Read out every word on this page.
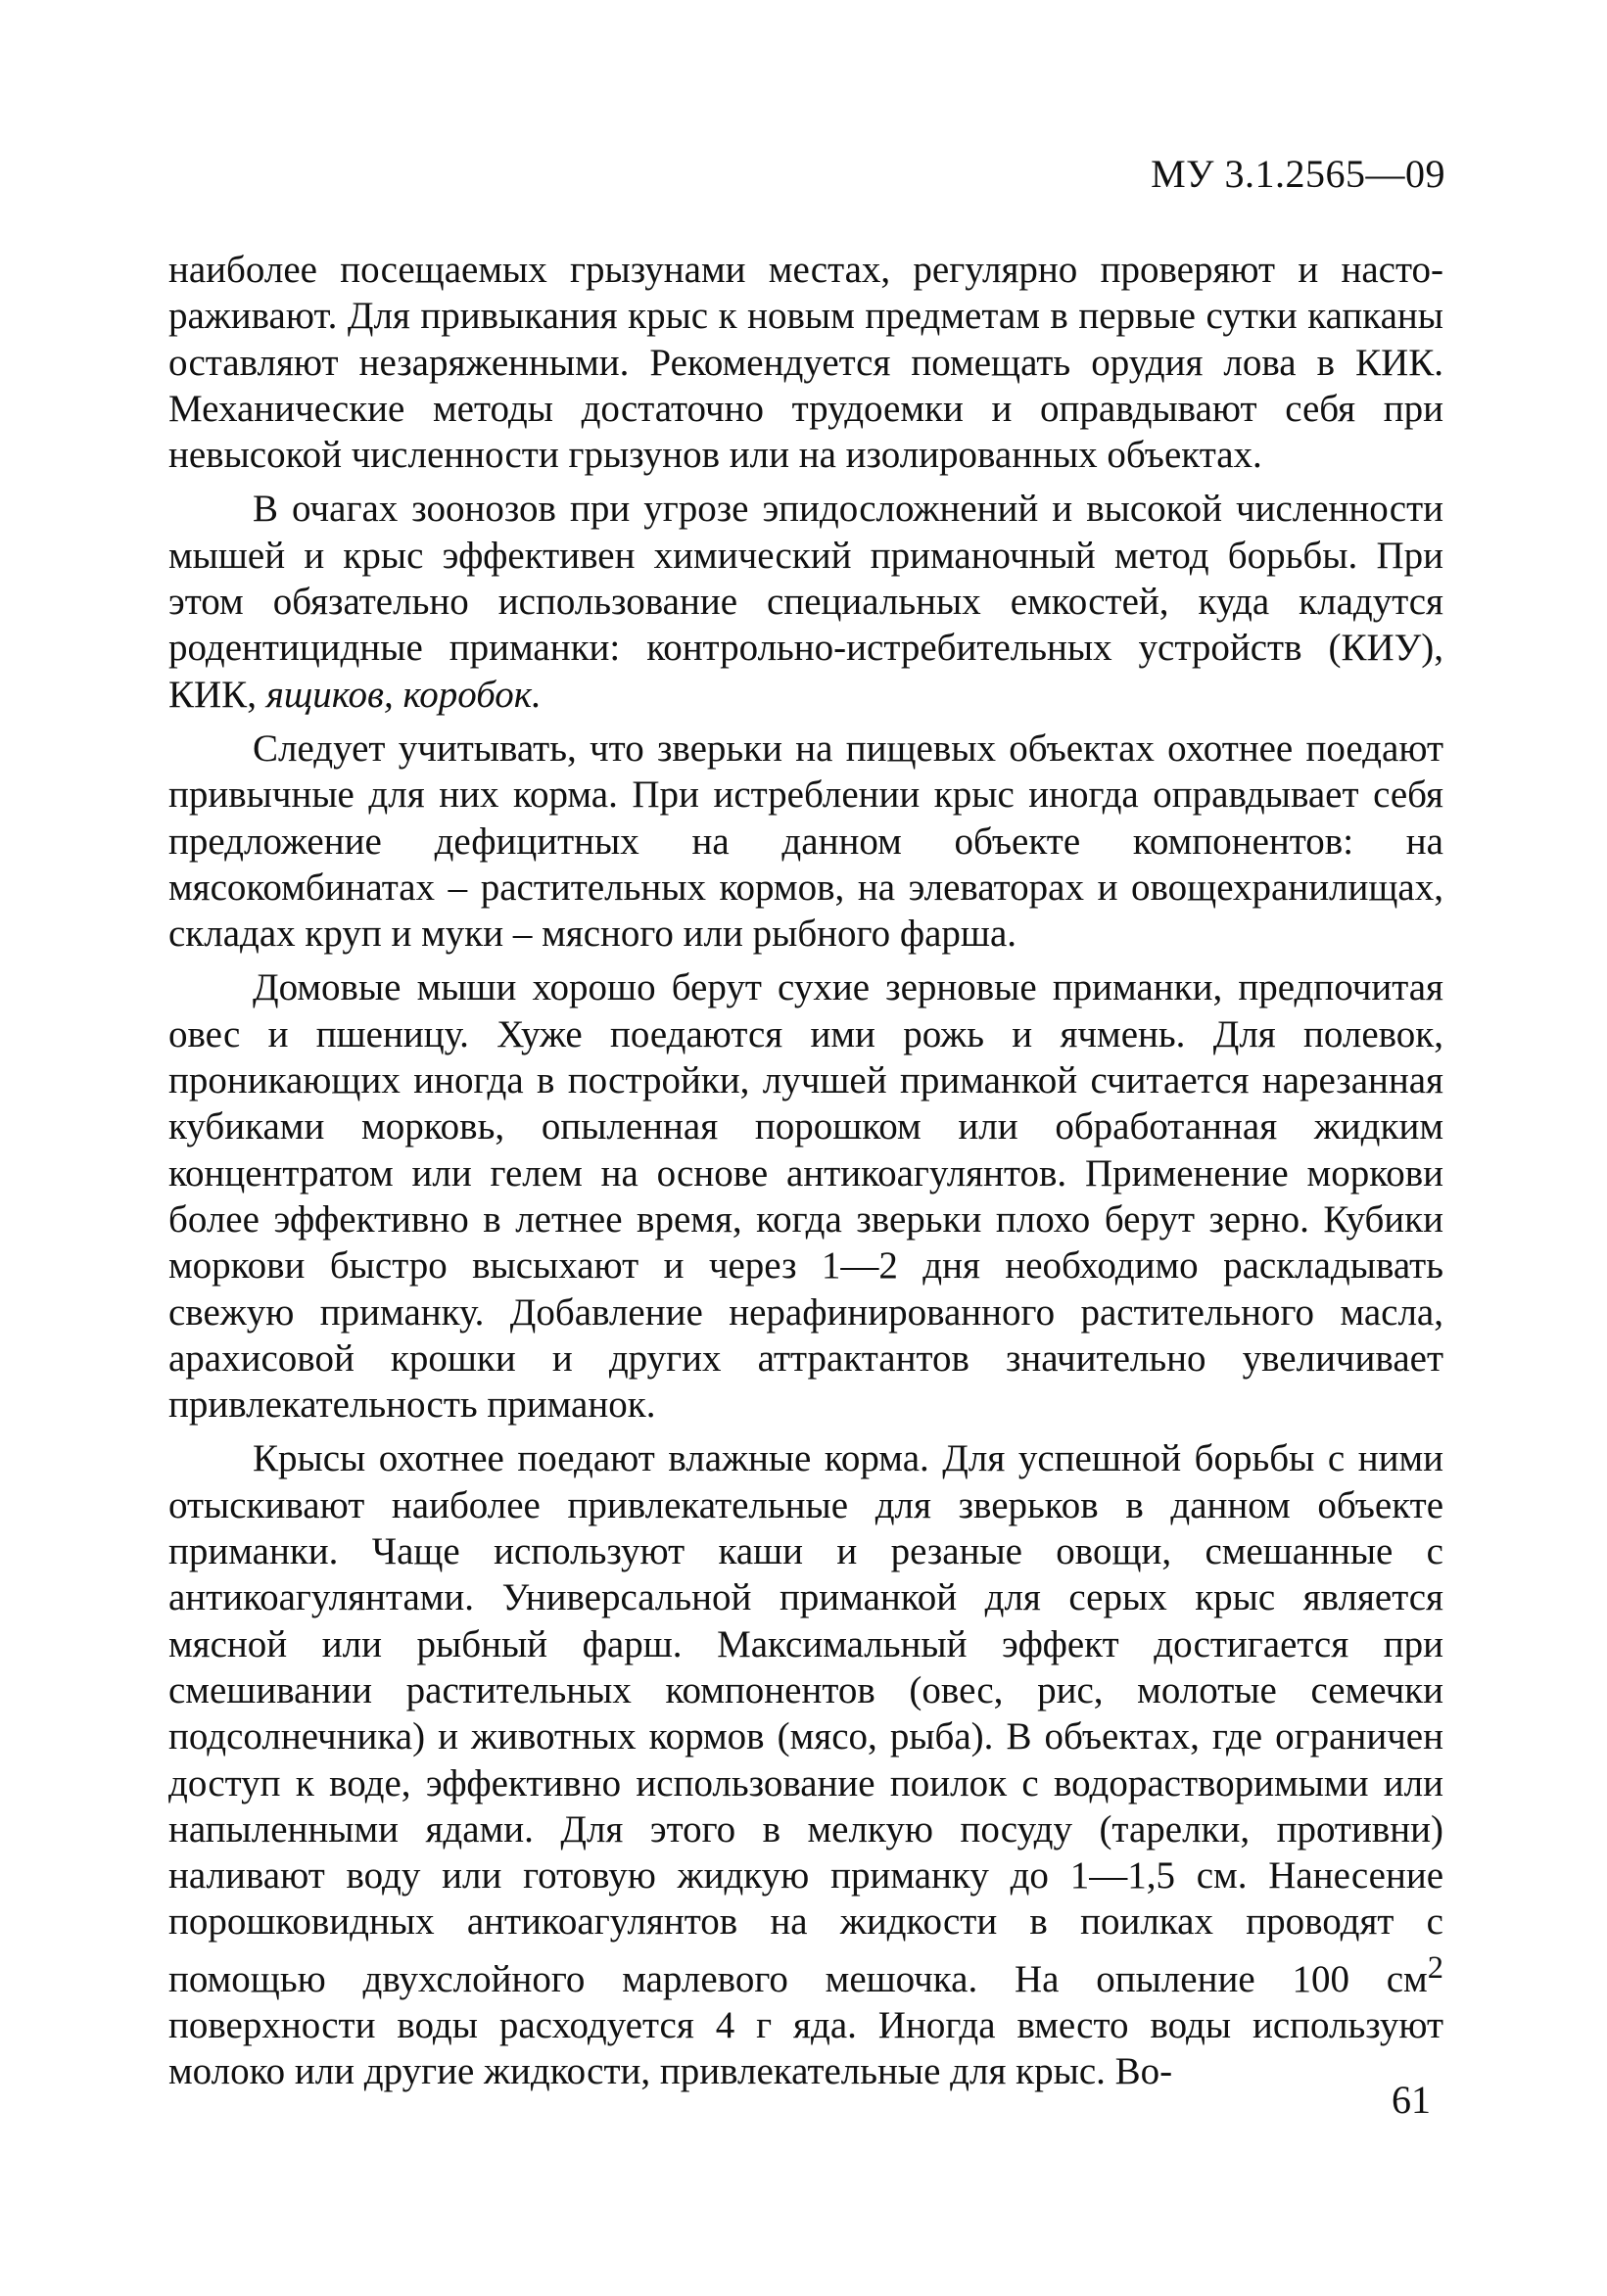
МУ 3.1.2565—09

наиболее посещаемых грызунами местах, регулярно проверяют и настораживают. Для привыкания крыс к новым предметам в первые сутки капканы оставляют незаряженными. Рекомендуется помещать орудия лова в КИК. Механические методы достаточно трудоемки и оправдывают себя при невысокой численности грызунов или на изолированных объектах.

В очагах зоонозов при угрозе эпидосложнений и высокой численности мышей и крыс эффективен химический приманочный метод борьбы. При этом обязательно использование специальных емкостей, куда кладутся родентицидные приманки: контрольно-истребительных устройств (КИУ), КИК, ящиков, коробок.

Следует учитывать, что зверьки на пищевых объектах охотнее поедают привычные для них корма. При истреблении крыс иногда оправдывает себя предложение дефицитных на данном объекте компонентов: на мясокомбинатах – растительных кормов, на элеваторах и овощехранилищах, складах круп и муки – мясного или рыбного фарша.

Домовые мыши хорошо берут сухие зерновые приманки, предпочитая овес и пшеницу. Хуже поедаются ими рожь и ячмень. Для полевок, проникающих иногда в постройки, лучшей приманкой считается нарезанная кубиками морковь, опыленная порошком или обработанная жидким концентратом или гелем на основе антикоагулянтов. Применение моркови более эффективно в летнее время, когда зверьки плохо берут зерно. Кубики моркови быстро высыхают и через 1—2 дня необходимо раскладывать свежую приманку. Добавление нерафинированного растительного масла, арахисовой крошки и других аттрактантов значительно увеличивает привлекательность приманок.

Крысы охотнее поедают влажные корма. Для успешной борьбы с ними отыскивают наиболее привлекательные для зверьков в данном объекте приманки. Чаще используют каши и резаные овощи, смешанные с антикоагулянтами. Универсальной приманкой для серых крыс является мясной или рыбный фарш. Максимальный эффект достигается при смешивании растительных компонентов (овес, рис, молотые семечки подсолнечника) и животных кормов (мясо, рыба). В объектах, где ограничен доступ к воде, эффективно использование поилок с водорастворимыми или напыленными ядами. Для этого в мелкую посуду (тарелки, противни) наливают воду или готовую жидкую приманку до 1—1,5 см. Нанесение порошковидных антикоагулянтов на жидкости в поилках проводят с помощью двухслойного марлевого мешочка. На опыление 100 $см^2$ поверхности воды расходуется 4 г яда. Иногда вместо воды используют молоко или другие жидкости, привлекательные для крыс. Во-

61
